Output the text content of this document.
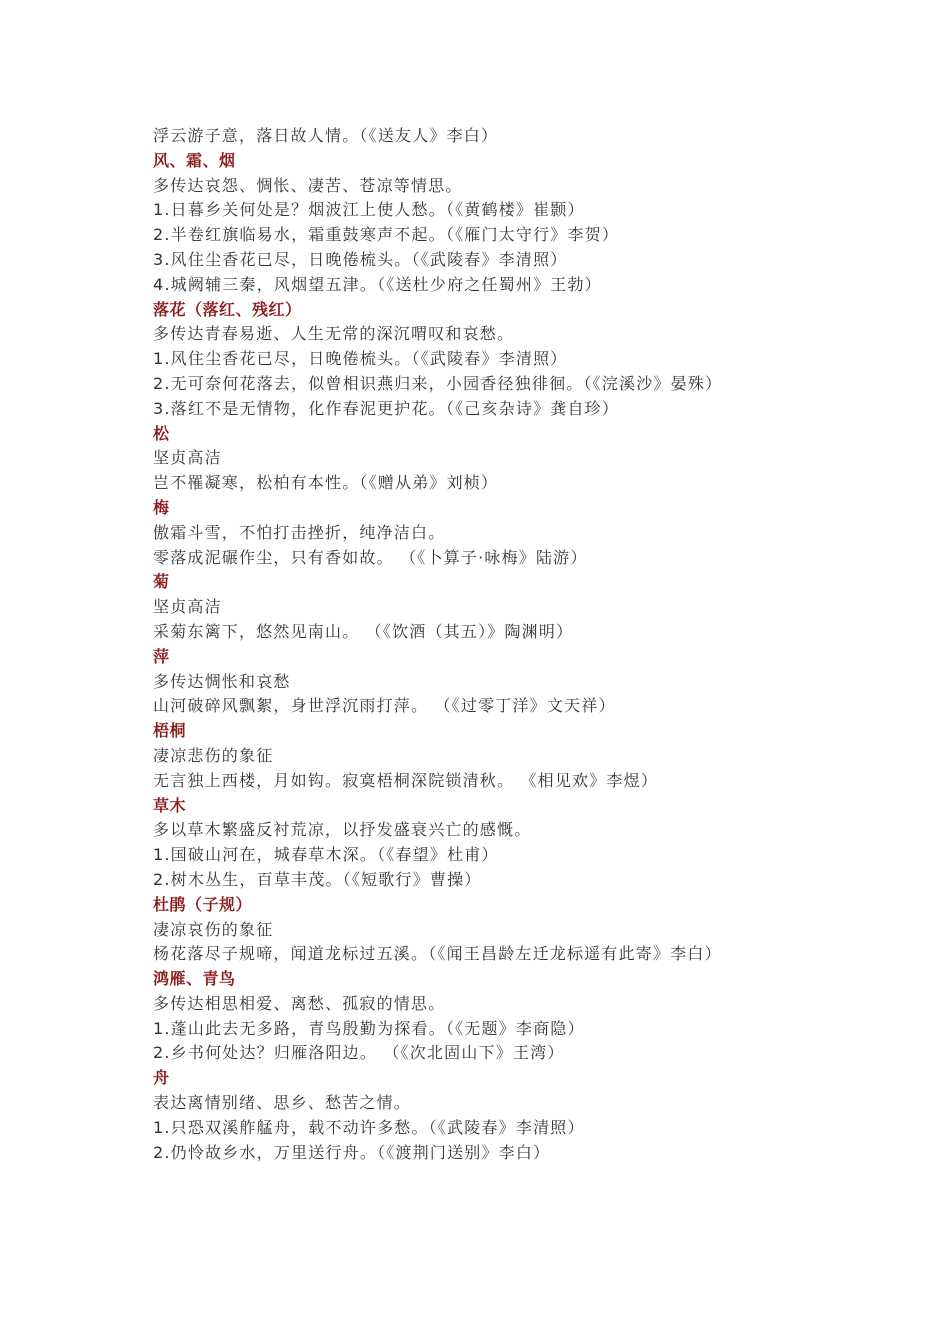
浮云游子意，落日故人情。（《送友人》李白）
风、霜、烟
多传达哀怨、惆怅、凄苦、苍凉等情思。
1.日暮乡关何处是？烟波江上使人愁。（《黄鹤楼》崔颢）
2.半卷红旗临易水，霜重鼓寒声不起。（《雁门太守行》李贺）
3.风住尘香花已尽，日晚倦梳头。（《武陵春》李清照）
4.城阙辅三秦，风烟望五津。（《送杜少府之任蜀州》王勃）
落花（落红、残红）
多传达青春易逝、人生无常的深沉喟叹和哀愁。
1.风住尘香花已尽，日晚倦梳头。（《武陵春》李清照）
2.无可奈何花落去，似曾相识燕归来，小园香径独徘徊。（《浣溪沙》晏殊）
3.落红不是无情物，化作春泥更护花。（《己亥杂诗》龚自珍）
松
坚贞高洁
岂不罹凝寒，松柏有本性。（《赠从弟》刘桢）
梅
傲霜斗雪，不怕打击挫折，纯净洁白。
零落成泥碾作尘，只有香如故。 （《卜算子·咏梅》陆游）
菊
坚贞高洁
采菊东篱下，悠然见南山。 （《饮酒（其五）》陶渊明）
萍
多传达惆怅和哀愁
山河破碎风飘絮，身世浮沉雨打萍。 （《过零丁洋》文天祥）
梧桐
凄凉悲伤的象征
无言独上西楼，月如钩。寂寞梧桐深院锁清秋。 《相见欢》李煜）
草木
多以草木繁盛反衬荒凉，以抒发盛衰兴亡的感慨。
1.国破山河在，城春草木深。（《春望》杜甫）
2.树木丛生，百草丰茂。（《短歌行》曹操）
杜鹃（子规）
凄凉哀伤的象征
杨花落尽子规啼，闻道龙标过五溪。（《闻王昌龄左迁龙标遥有此寄》李白）
鸿雁、青鸟
多传达相思相爱、离愁、孤寂的情思。
1.蓬山此去无多路，青鸟殷勤为探看。（《无题》李商隐）
2.乡书何处达？归雁洛阳边。 （《次北固山下》王湾）
舟
表达离情别绪、思乡、愁苦之情。
1.只恐双溪舴艋舟，载不动许多愁。（《武陵春》李清照）
2.仍怜故乡水，万里送行舟。（《渡荆门送别》李白）
